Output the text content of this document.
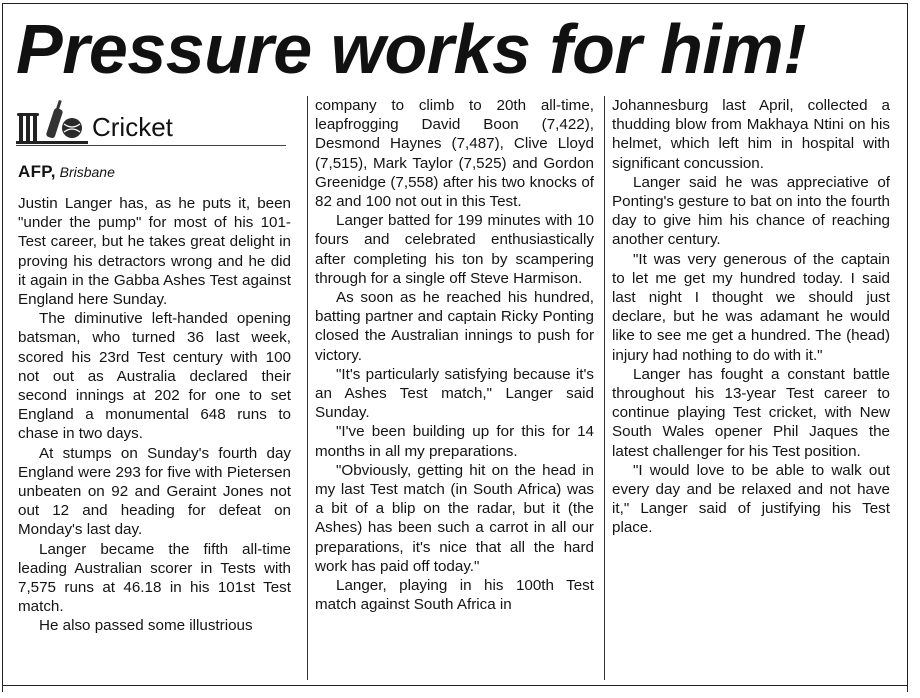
Pressure works for him!
Cricket
AFP, Brisbane

Justin Langer has, as he puts it, been "under the pump" for most of his 101-Test career, but he takes great delight in proving his detractors wrong and he did it again in the Gabba Ashes Test against England here Sunday.

The diminutive left-handed opening batsman, who turned 36 last week, scored his 23rd Test century with 100 not out as Australia declared their second innings at 202 for one to set England a monumental 648 runs to chase in two days.

At stumps on Sunday's fourth day England were 293 for five with Pietersen unbeaten on 92 and Geraint Jones not out 12 and heading for defeat on Monday's last day.

Langer became the fifth all-time leading Australian scorer in Tests with 7,575 runs at 46.18 in his 101st Test match.

He also passed some illustrious

company to climb to 20th all-time, leapfrogging David Boon (7,422), Desmond Haynes (7,487), Clive Lloyd (7,515), Mark Taylor (7,525) and Gordon Greenidge (7,558) after his two knocks of 82 and 100 not out in this Test.

Langer batted for 199 minutes with 10 fours and celebrated enthusiastically after completing his ton by scampering through for a single off Steve Harmison.

As soon as he reached his hundred, batting partner and captain Ricky Ponting closed the Australian innings to push for victory.

"It's particularly satisfying because it's an Ashes Test match," Langer said Sunday.

"I've been building up for this for 14 months in all my preparations.

"Obviously, getting hit on the head in my last Test match (in South Africa) was a bit of a blip on the radar, but it (the Ashes) has been such a carrot in all our preparations, it's nice that all the hard work has paid off today."

Langer, playing in his 100th Test match against South Africa in

Johannesburg last April, collected a thudding blow from Makhaya Ntini on his helmet, which left him in hospital with significant concussion.

Langer said he was appreciative of Ponting's gesture to bat on into the fourth day to give him his chance of reaching another century.

"It was very generous of the captain to let me get my hundred today. I said last night I thought we should just declare, but he was adamant he would like to see me get a hundred. The (head) injury had nothing to do with it."

Langer has fought a constant battle throughout his 13-year Test career to continue playing Test cricket, with New South Wales opener Phil Jaques the latest challenger for his Test position.

"I would love to be able to walk out every day and be relaxed and not have it," Langer said of justifying his Test place.
